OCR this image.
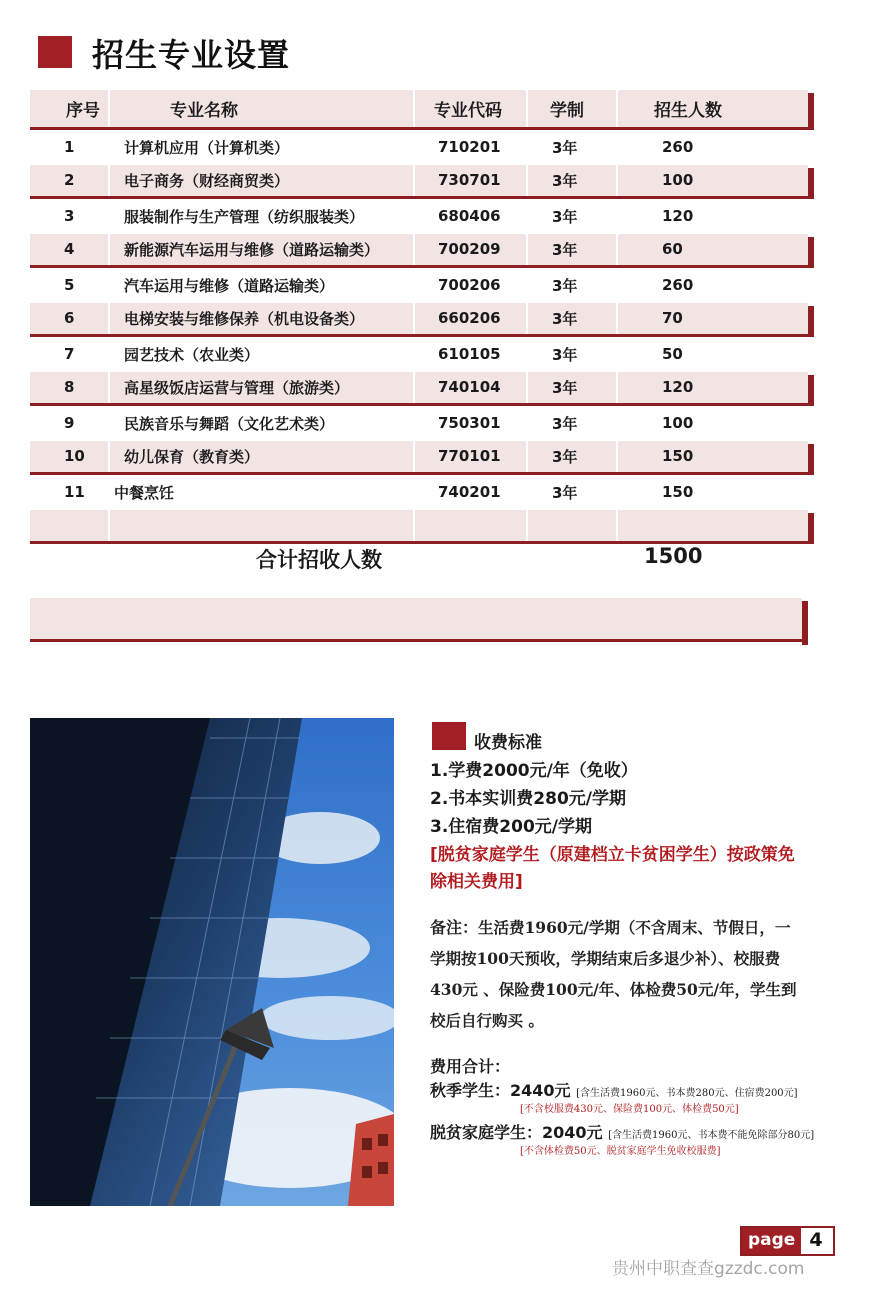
招生专业设置
序号	专业名称	专业代码	学制	招生人数
1	计算机应用（计算机类）	710201	3年	260
2	电子商务（财经商贸类）	730701	3年	100
3	服装制作与生产管理（纺织服装类）	680406	3年	120
4	新能源汽车运用与维修（道路运输类）	700209	3年	60
5	汽车运用与维修（道路运输类）	700206	3年	260
6	电梯安装与维修保养（机电设备类）	660206	3年	70
7	园艺技术（农业类）	610105	3年	50
8	高星级饭店运营与管理（旅游类）	740104	3年	120
9	民族音乐与舞蹈（文化艺术类）	750301	3年	100
10	幼儿保育（教育类）	770101	3年	150
11 中餐烹饪	740201	3年	150
合计招收人数	1500
收费标准
1.学费2000元/年（免收）
2.书本实训费280元/学期
3.住宿费200元/学期
[脱贫家庭学生（原建档立卡贫困学生）按政策免
除相关费用]
备注：生活费1960元/学期（不含周末、节假日，一
学期按100天预收，学期结束后多退少补）、校服费
430元 、保险费100元/年、体检费50元/年，学生到
校后自行购买 。
费用合计：
秋季学生：2440元 [含生活费1960元、书本费280元、住宿费200元]
[不含校服费430元、保险费100元、体检费50元]
脱贫家庭学生：2040元 [含生活费1960元、书本费不能免除部分80元]
[不含体检费50元、脱贫家庭学生免收校服费]
page 4
贵州中职查查gzzdc.com
